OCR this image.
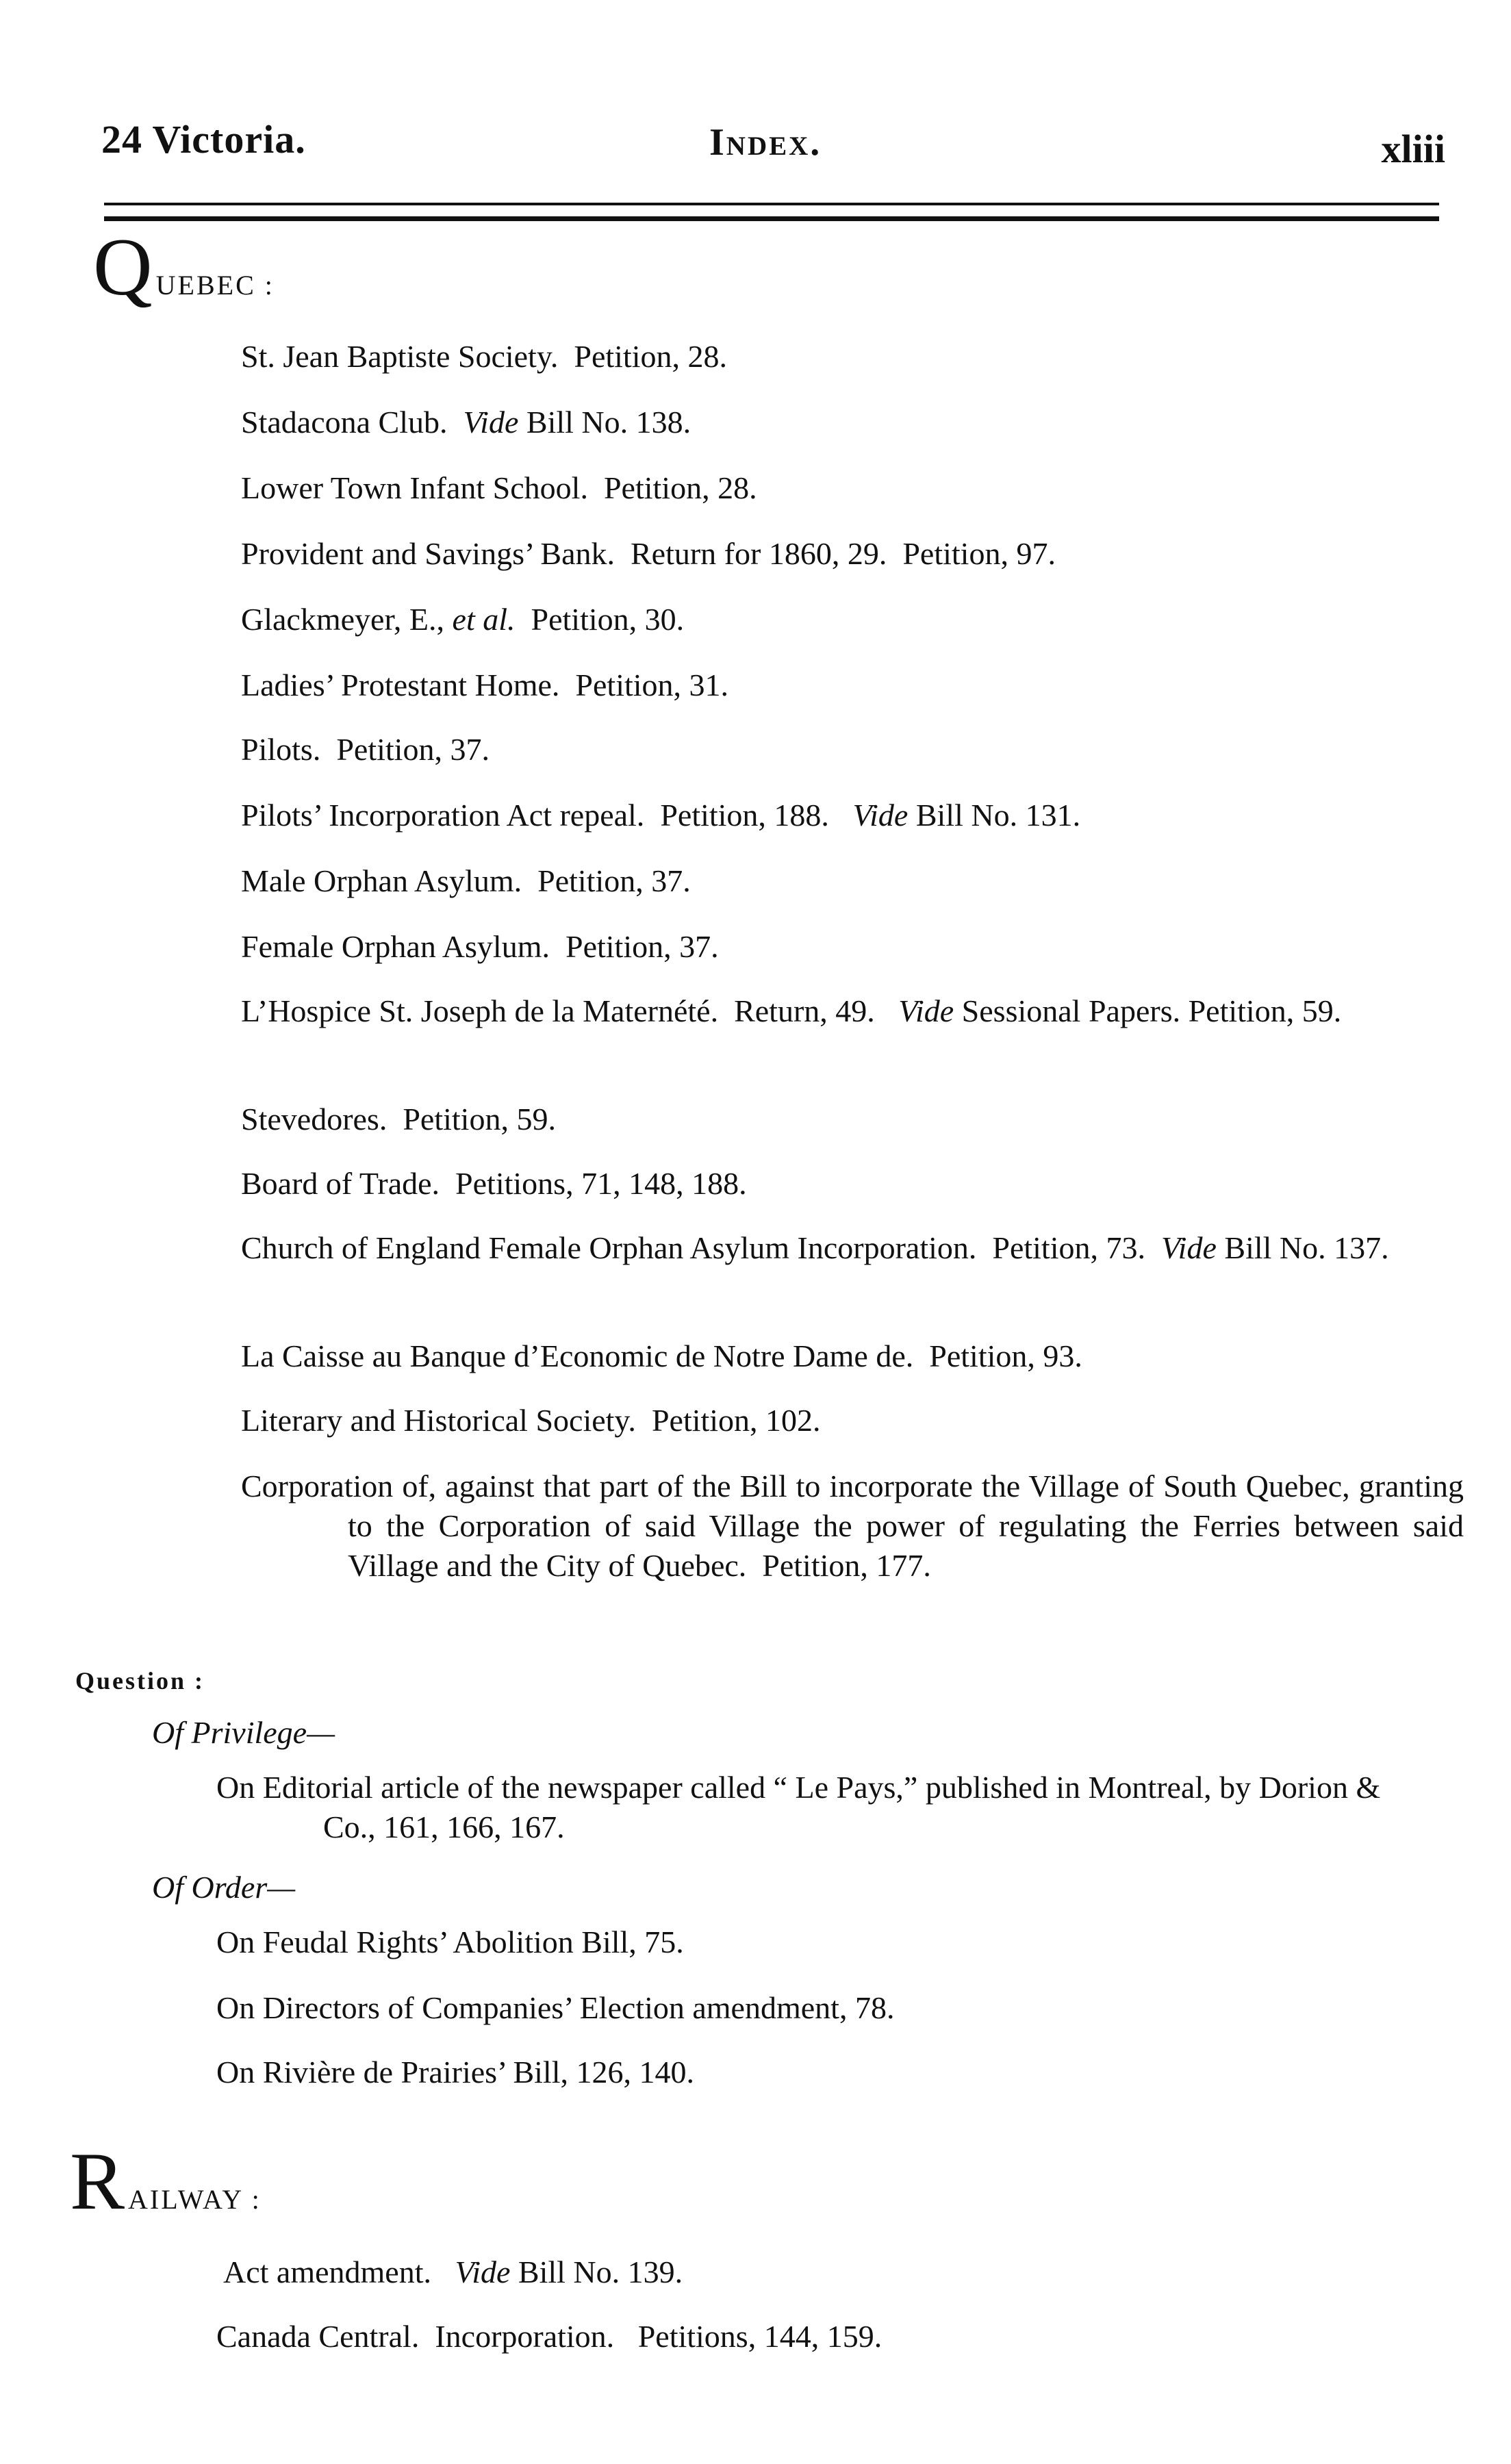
24 Victoria.	Index.	xliii
QUEBEC :
St. Jean Baptiste Society. Petition, 28.
Stadacona Club. Vide Bill No. 138.
Lower Town Infant School. Petition, 28.
Provident and Savings’ Bank. Return for 1860, 29. Petition, 97.
Glackmeyer, E., et al. Petition, 30.
Ladies’ Protestant Home. Petition, 31.
Pilots. Petition, 37.
Pilots’ Incorporation Act repeal. Petition, 188. Vide Bill No. 131.
Male Orphan Asylum. Petition, 37.
Female Orphan Asylum. Petition, 37.
L’Hospice St. Joseph de la Maternété. Return, 49. Vide Sessional Papers. Petition, 59.
Stevedores. Petition, 59.
Board of Trade. Petitions, 71, 148, 188.
Church of England Female Orphan Asylum Incorporation. Petition, 73. Vide Bill No. 137.
La Caisse au Banque d’Economic de Notre Dame de. Petition, 93.
Literary and Historical Society. Petition, 102.
Corporation of, against that part of the Bill to incorporate the Village of South Quebec, granting to the Corporation of said Village the power of regulating the Ferries between said Village and the City of Quebec. Petition, 177.
Question :
Of Privilege—
On Editorial article of the newspaper called “ Le Pays,” published in Montreal, by Dorion & Co., 161, 166, 167.
Of Order—
On Feudal Rights’ Abolition Bill, 75.
On Directors of Companies’ Election amendment, 78.
On Rivière de Prairies’ Bill, 126, 140.
RAILWAY :
Act amendment. Vide Bill No. 139.
Canada Central. Incorporation. Petitions, 144, 159.
